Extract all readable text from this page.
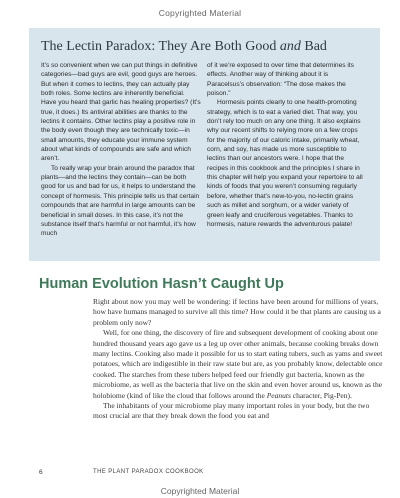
Copyrighted Material
The Lectin Paradox: They Are Both Good and Bad

It’s so convenient when we can put things in definitive categories—bad guys are evil, good guys are heroes. But when it comes to lectins, they can actually play both roles. Some lectins are inherently beneficial. Have you heard that garlic has healing properties? (It’s true, it does.) Its antiviral abilities are thanks to the lectins it contains. Other lectins play a positive role in the body even though they are technically toxic—in small amounts, they educate your immune system about what kinds of compounds are safe and which aren’t.

To really wrap your brain around the paradox that plants—and the lectins they contain—can be both good for us and bad for us, it helps to understand the concept of hormesis. This principle tells us that certain compounds that are harmful in large amounts can be beneficial in small doses. In this case, it’s not the substance itself that’s harmful or not harmful, it’s how much

of it we’re exposed to over time that determines its effects. Another way of thinking about it is Paracelsus’s observation: “The dose makes the poison.”

Hormesis points clearly to one health-promoting strategy, which is to eat a varied diet. That way, you don’t rely too much on any one thing. It also explains why our recent shifts to relying more on a few crops for the majority of our caloric intake, primarily wheat, corn, and soy, has made us more susceptible to lectins than our ancestors were. I hope that the recipes in this cookbook and the principles I share in this chapter will help you expand your repertoire to all kinds of foods that you weren’t consuming regularly before, whether that’s new-to-you, no-lectin grains such as millet and sorghum, or a wider variety of green leafy and cruciferous vegetables. Thanks to hormesis, nature rewards the adventurous palate!

Human Evolution Hasn’t Caught Up

Right about now you may well be wondering: if lectins have been around for millions of years, how have humans managed to survive all this time? How could it be that plants are causing us a problem only now?

Well, for one thing, the discovery of fire and subsequent development of cooking about one hundred thousand years ago gave us a leg up over other animals, because cooking breaks down many lectins. Cooking also made it possible for us to start eating tubers, such as yams and sweet potatoes, which are indigestible in their raw state but are, as you probably know, delectable once cooked. The starches from these tubers helped feed our friendly gut bacteria, known as the microbiome, as well as the bacteria that live on the skin and even hover around us, known as the holobiome (kind of like the cloud that follows around the Peanuts character, Pig-Pen).

The inhabitants of your microbiome play many important roles in your body, but the two most crucial are that they break down the food you eat and

6	THE PLANT PARADOX COOKBOOK
Copyrighted Material
